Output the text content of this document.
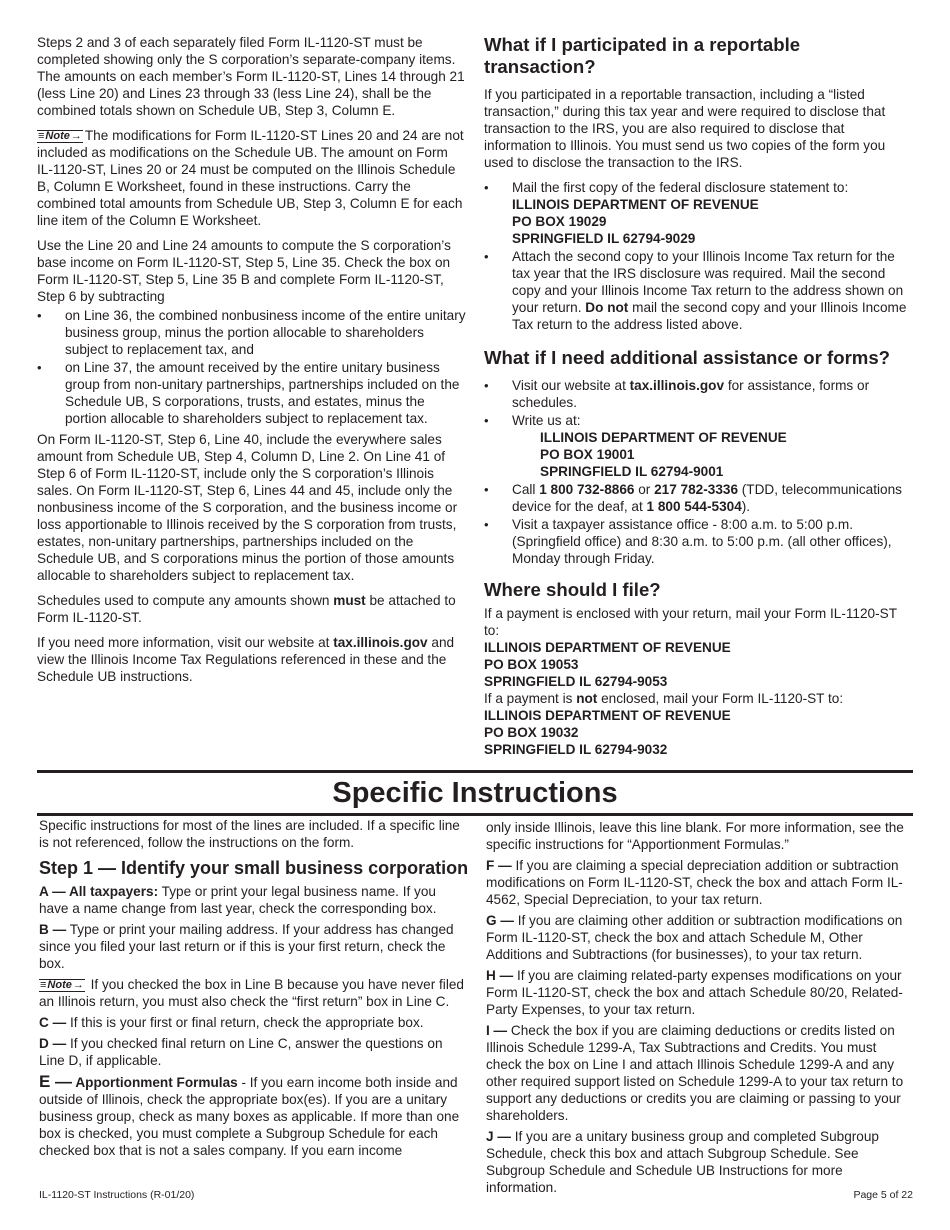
Steps 2 and 3 of each separately filed Form IL-1120-ST must be completed showing only the S corporation’s separate-company items. The amounts on each member’s Form IL-1120-ST, Lines 14 through 21 (less Line 20) and Lines 23 through 33 (less Line 24), shall be the combined totals shown on Schedule UB, Step 3, Column E.

≡ Note → The modifications for Form IL-1120-ST Lines 20 and 24 are not included as modifications on the Schedule UB. The amount on Form IL-1120-ST, Lines 20 or 24 must be computed on the Illinois Schedule B, Column E Worksheet, found in these instructions. Carry the combined total amounts from Schedule UB, Step 3, Column E for each line item of the Column E Worksheet.

Use the Line 20 and Line 24 amounts to compute the S corporation’s base income on Form IL-1120-ST, Step 5, Line 35. Check the box on Form IL-1120-ST, Step 5, Line 35 B and complete Form IL-1120-ST, Step 6 by subtracting

• on Line 36, the combined nonbusiness income of the entire unitary business group, minus the portion allocable to shareholders subject to replacement tax, and
• on Line 37, the amount received by the entire unitary business group from non-unitary partnerships, partnerships included on the Schedule UB, S corporations, trusts, and estates, minus the portion allocable to shareholders subject to replacement tax.

On Form IL-1120-ST, Step 6, Line 40, include the everywhere sales amount from Schedule UB, Step 4, Column D, Line 2. On Line 41 of Step 6 of Form IL-1120-ST, include only the S corporation’s Illinois sales. On Form IL-1120-ST, Step 6, Lines 44 and 45, include only the nonbusiness income of the S corporation, and the business income or loss apportionable to Illinois received by the S corporation from trusts, estates, non-unitary partnerships, partnerships included on the Schedule UB, and S corporations minus the portion of those amounts allocable to shareholders subject to replacement tax.

Schedules used to compute any amounts shown must be attached to Form IL-1120-ST.

If you need more information, visit our website at tax.illinois.gov and view the Illinois Income Tax Regulations referenced in these and the Schedule UB instructions.

What if I participated in a reportable transaction?

If you participated in a reportable transaction, including a “listed transaction,” during this tax year and were required to disclose that transaction to the IRS, you are also required to disclose that information to Illinois. You must send us two copies of the form you used to disclose the transaction to the IRS.

• Mail the first copy of the federal disclosure statement to:
ILLINOIS DEPARTMENT OF REVENUE
PO BOX 19029
SPRINGFIELD IL 62794-9029
• Attach the second copy to your Illinois Income Tax return for the tax year that the IRS disclosure was required. Mail the second copy and your Illinois Income Tax return to the address shown on your return. Do not mail the second copy and your Illinois Income Tax return to the address listed above.
What if I need additional assistance or forms?
• Visit our website at tax.illinois.gov for assistance, forms or schedules.
• Write us at:
ILLINOIS DEPARTMENT OF REVENUE
PO BOX 19001
SPRINGFIELD IL 62794-9001
• Call 1 800 732-8866 or 217 782-3336 (TDD, telecommunications device for the deaf, at 1 800 544-5304).
• Visit a taxpayer assistance office - 8:00 a.m. to 5:00 p.m. (Springfield office) and 8:30 a.m. to 5:00 p.m. (all other offices), Monday through Friday.
Where should I file?
If a payment is enclosed with your return, mail your Form IL-1120-ST to:
ILLINOIS DEPARTMENT OF REVENUE
PO BOX 19053
SPRINGFIELD IL 62794-9053
If a payment is not enclosed, mail your Form IL-1120-ST to:
ILLINOIS DEPARTMENT OF REVENUE
PO BOX 19032
SPRINGFIELD IL 62794-9032
Specific Instructions

Specific instructions for most of the lines are included. If a specific line is not referenced, follow the instructions on the form.

Step 1 — Identify your small business corporation

A — All taxpayers: Type or print your legal business name. If you have a name change from last year, check the corresponding box.

B — Type or print your mailing address. If your address has changed since you filed your last return or if this is your first return, check the box.

≡ Note → If you checked the box in Line B because you have never filed an Illinois return, you must also check the “first return” box in Line C.

C — If this is your first or final return, check the appropriate box.

D — If you checked final return on Line C, answer the questions on Line D, if applicable.

E — Apportionment Formulas - If you earn income both inside and outside of Illinois, check the appropriate box(es). If you are a unitary business group, check as many boxes as applicable. If more than one box is checked, you must complete a Subgroup Schedule for each checked box that is not a sales company. If you earn income

only inside Illinois, leave this line blank. For more information, see the specific instructions for “Apportionment Formulas.”

F — If you are claiming a special depreciation addition or subtraction modifications on Form IL-1120-ST, check the box and attach Form IL-4562, Special Depreciation, to your tax return.

G — If you are claiming other addition or subtraction modifications on Form IL-1120-ST, check the box and attach Schedule M, Other Additions and Subtractions (for businesses), to your tax return.

H — If you are claiming related-party expenses modifications on your Form IL-1120-ST, check the box and attach Schedule 80/20, Related-Party Expenses, to your tax return.

I — Check the box if you are claiming deductions or credits listed on Illinois Schedule 1299-A, Tax Subtractions and Credits. You must check the box on Line I and attach Illinois Schedule 1299-A and any other required support listed on Schedule 1299-A to your tax return to support any deductions or credits you are claiming or passing to your shareholders.

J — If you are a unitary business group and completed Subgroup Schedule, check this box and attach Subgroup Schedule. See Subgroup Schedule and Schedule UB Instructions for more information.

IL-1120-ST Instructions (R-01/20)	Page 5 of 22
